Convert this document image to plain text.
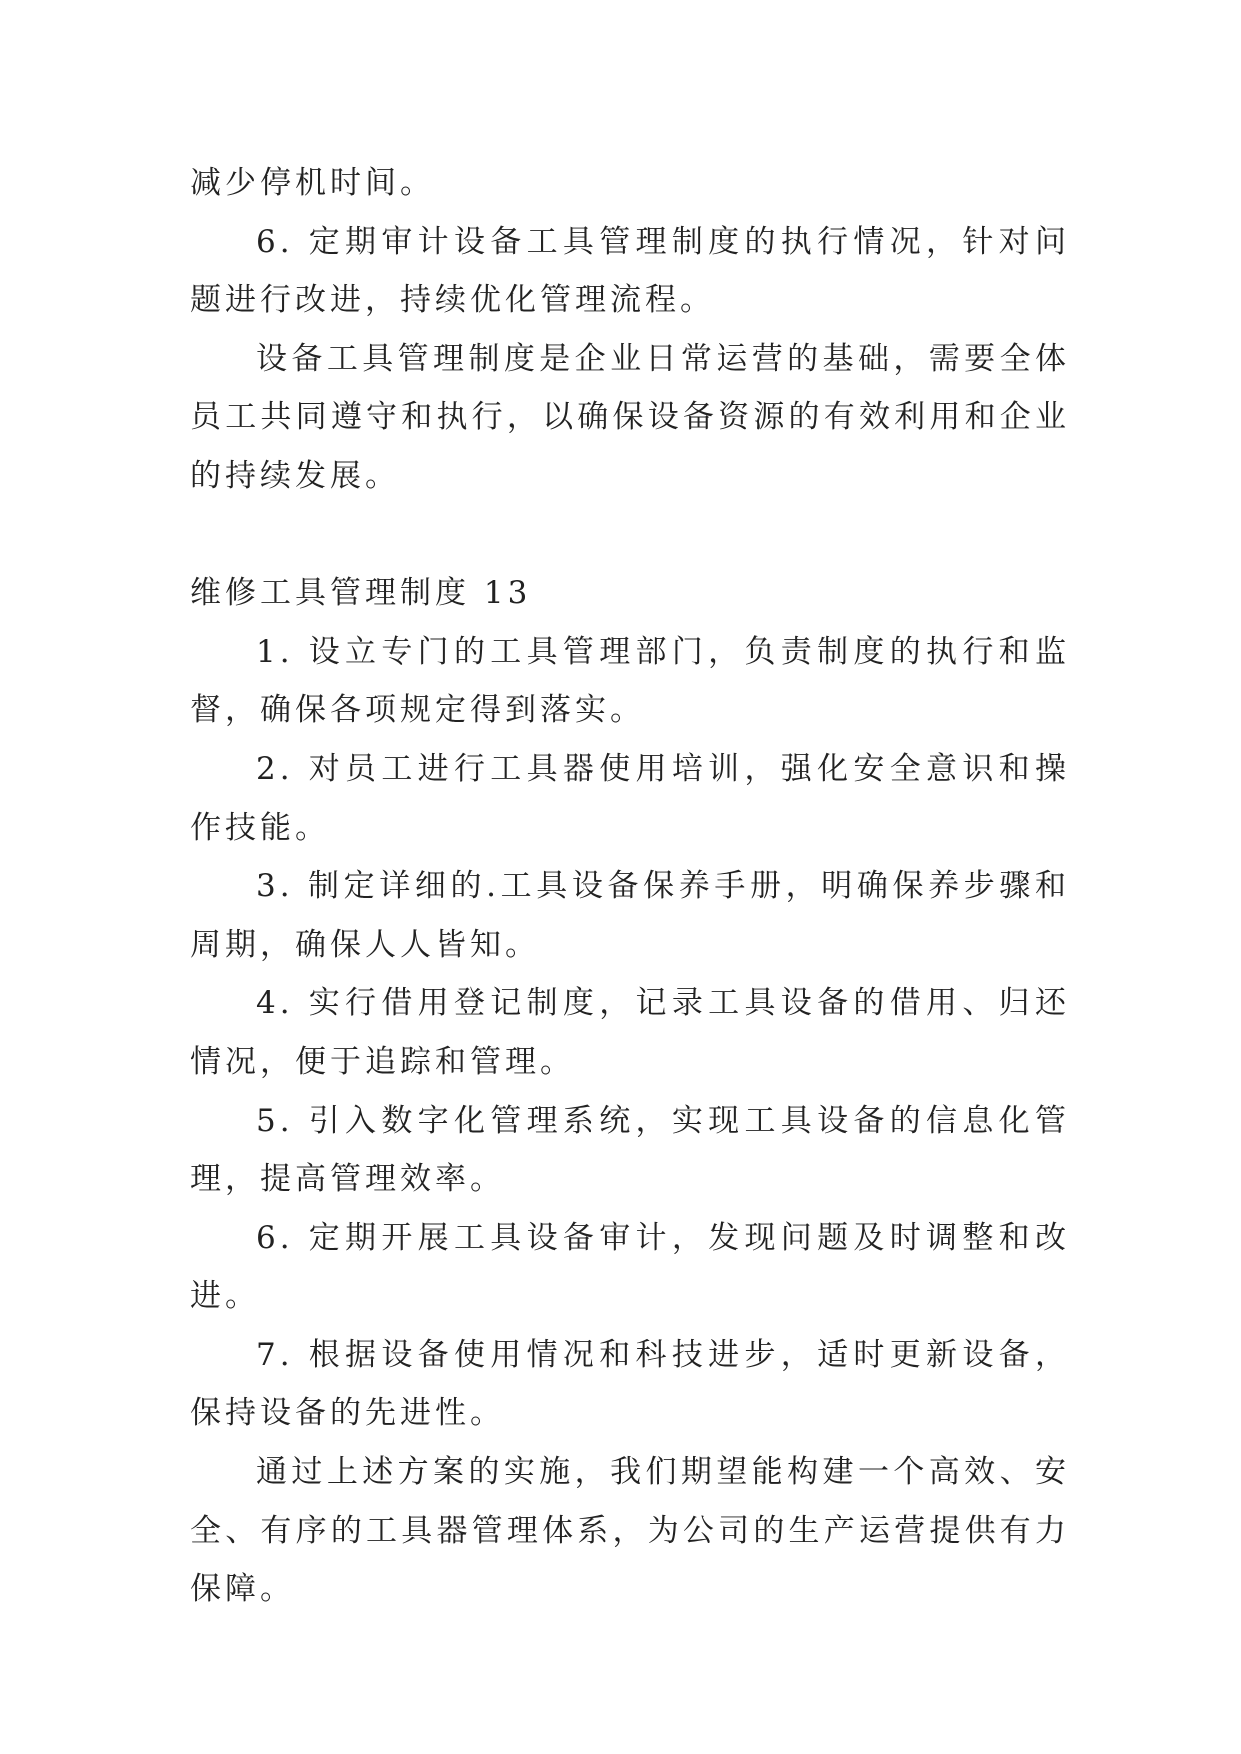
减少停机时间。

6. 定期审计设备工具管理制度的执行情况，针对问题进行改进，持续优化管理流程。

设备工具管理制度是企业日常运营的基础，需要全体员工共同遵守和执行，以确保设备资源的有效利用和企业的持续发展。

维修工具管理制度 13

1. 设立专门的工具管理部门，负责制度的执行和监督，确保各项规定得到落实。

2. 对员工进行工具器使用培训，强化安全意识和操作技能。

3. 制定详细的.工具设备保养手册，明确保养步骤和周期，确保人人皆知。

4. 实行借用登记制度，记录工具设备的借用、归还情况，便于追踪和管理。

5. 引入数字化管理系统，实现工具设备的信息化管理，提高管理效率。

6. 定期开展工具设备审计，发现问题及时调整和改进。

7. 根据设备使用情况和科技进步，适时更新设备，保持设备的先进性。

通过上述方案的实施，我们期望能构建一个高效、安全、有序的工具器管理体系，为公司的生产运营提供有力保障。
